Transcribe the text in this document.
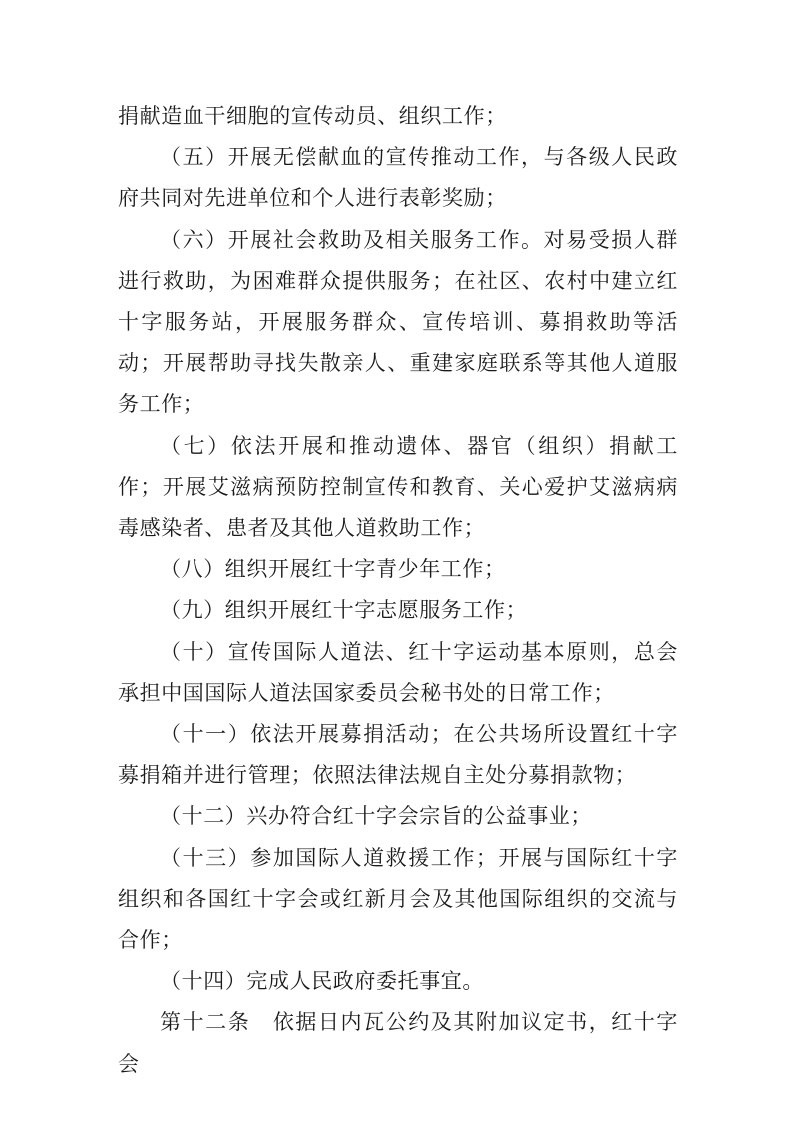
捐献造血干细胞的宣传动员、组织工作；

（五）开展无偿献血的宣传推动工作，与各级人民政府共同对先进单位和个人进行表彰奖励；

（六）开展社会救助及相关服务工作。对易受损人群进行救助，为困难群众提供服务；在社区、农村中建立红十字服务站，开展服务群众、宣传培训、募捐救助等活动；开展帮助寻找失散亲人、重建家庭联系等其他人道服务工作；

（七）依法开展和推动遗体、器官（组织）捐献工作；开展艾滋病预防控制宣传和教育、关心爱护艾滋病病毒感染者、患者及其他人道救助工作；

（八）组织开展红十字青少年工作；

（九）组织开展红十字志愿服务工作；

（十）宣传国际人道法、红十字运动基本原则，总会承担中国国际人道法国家委员会秘书处的日常工作；

（十一）依法开展募捐活动；在公共场所设置红十字募捐箱并进行管理；依照法律法规自主处分募捐款物；

（十二）兴办符合红十字会宗旨的公益事业；

（十三）参加国际人道救援工作；开展与国际红十字组织和各国红十字会或红新月会及其他国际组织的交流与合作；

（十四）完成人民政府委托事宜。

第十二条　依据日内瓦公约及其附加议定书，红十字会
